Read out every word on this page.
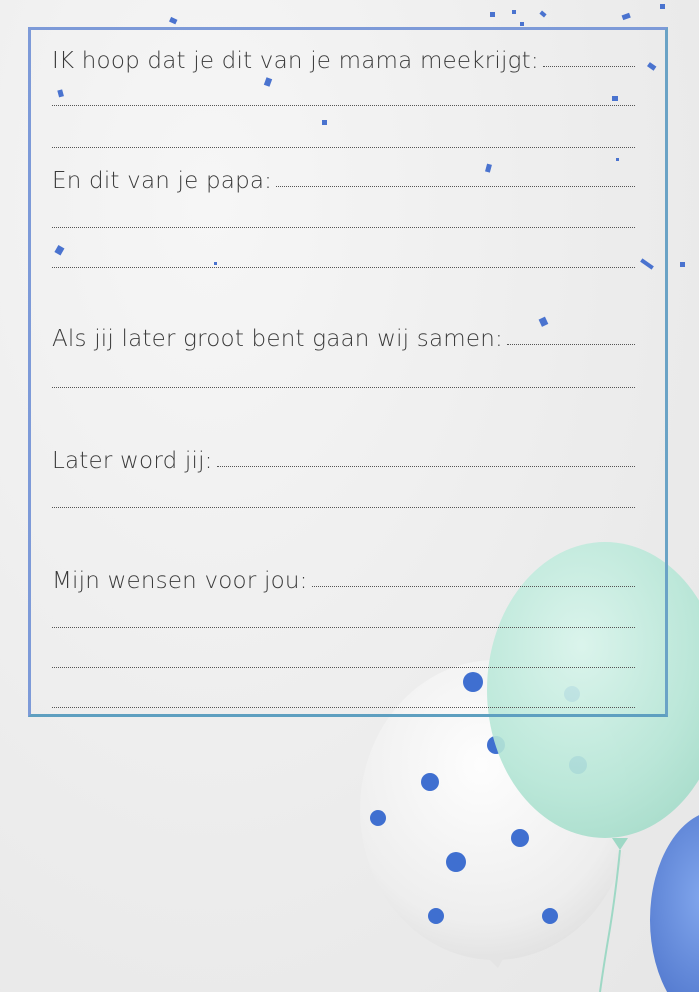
IK hoop dat je dit van je mama meekrijgt:
En dit van je papa:
Als jij later groot bent gaan wij samen:
Later word jij:
Mijn wensen voor jou:
